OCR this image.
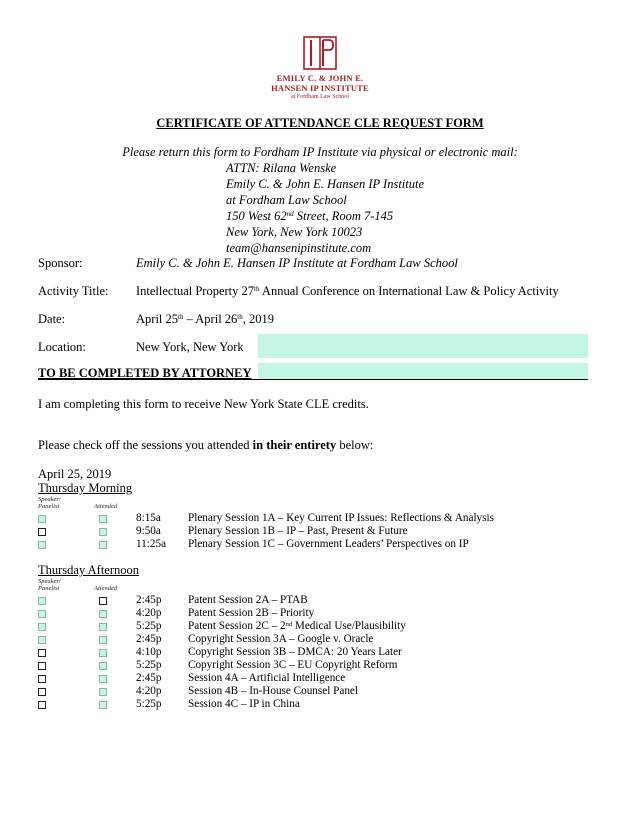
EMILY C. & JOHN E.
HANSEN IP INSTITUTE
at Fordham Law School
CERTIFICATE OF ATTENDANCE CLE REQUEST FORM
Please return this form to Fordham IP Institute via physical or electronic mail:
ATTN: Rilana Wenske
Emily C. & John E. Hansen IP Institute
at Fordham Law School
150 West 62nd Street, Room 7-145
New York, New York 10023
team@hansenipinstitute.com
Sponsor:	Emily C. & John E. Hansen IP Institute at Fordham Law School
Activity Title: Intellectual Property 27th Annual Conference on International Law & Policy Activity
Date:	April 25th – April 26th, 2019
Location:	New York, New York
TO BE COMPLETED BY ATTORNEY
I am completing this form to receive New York State CLE credits.
Please check off the sessions you attended in their entirety below:
April 25, 2019
Thursday Morning
Speaker/
Panelist	Attended
8:15a Plenary Session 1A – Key Current IP Issues: Reflections & Analysis
9:50a Plenary Session 1B – IP – Past, Present & Future
11:25a Plenary Session 1C – Government Leaders’ Perspectives on IP
Thursday Afternoon
Speaker/
Panelist	Attended
2:45p Patent Session 2A – PTAB
4:20p Patent Session 2B – Priority
5:25p Patent Session 2C – 2nd Medical Use/Plausibility
2:45p Copyright Session 3A – Google v. Oracle
4:10p Copyright Session 3B – DMCA: 20 Years Later
5:25p Copyright Session 3C – EU Copyright Reform
2:45p Session 4A – Artificial Intelligence
4:20p Session 4B – In-House Counsel Panel
5:25p Session 4C – IP in China
